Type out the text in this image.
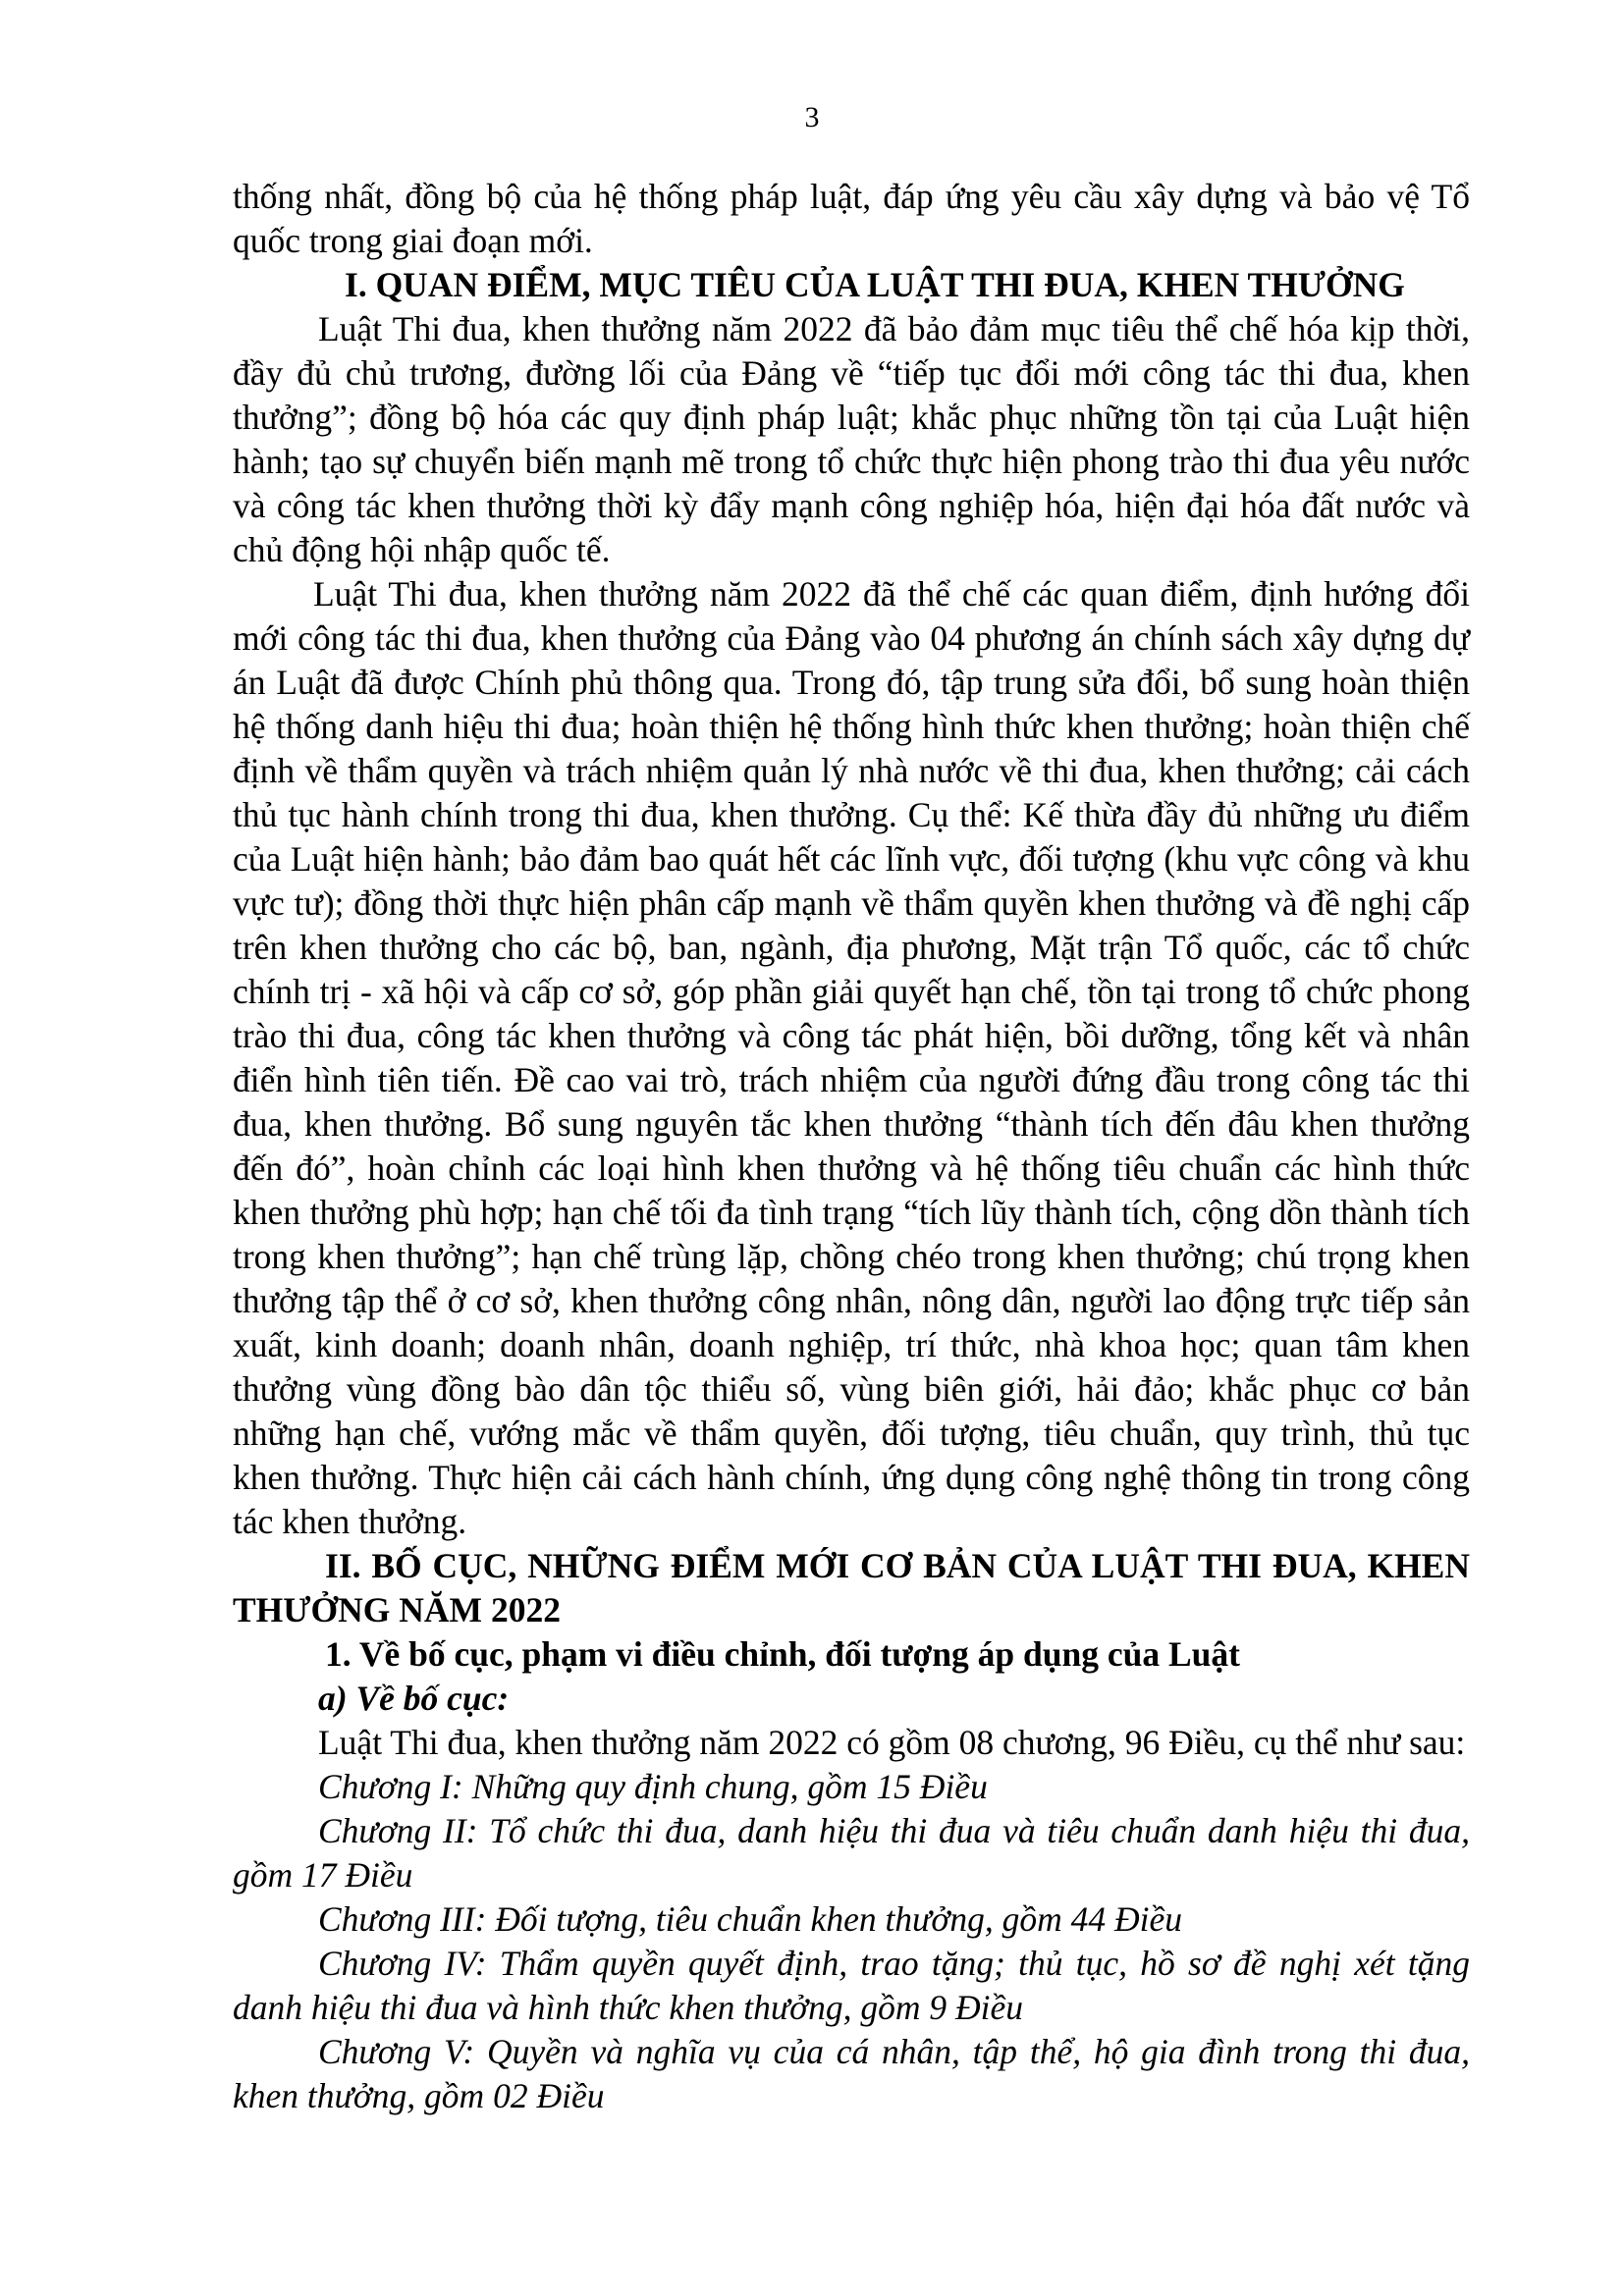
3

thống nhất, đồng bộ của hệ thống pháp luật, đáp ứng yêu cầu xây dựng và bảo vệ Tổ quốc trong giai đoạn mới.

I. QUAN ĐIỂM, MỤC TIÊU CỦA LUẬT THI ĐUA, KHEN THƯỞNG

Luật Thi đua, khen thưởng năm 2022 đã bảo đảm mục tiêu thể chế hóa kịp thời, đầy đủ chủ trương, đường lối của Đảng về “tiếp tục đổi mới công tác thi đua, khen thưởng”; đồng bộ hóa các quy định pháp luật; khắc phục những tồn tại của Luật hiện hành; tạo sự chuyển biến mạnh mẽ trong tổ chức thực hiện phong trào thi đua yêu nước và công tác khen thưởng thời kỳ đẩy mạnh công nghiệp hóa, hiện đại hóa đất nước và chủ động hội nhập quốc tế.

Luật Thi đua, khen thưởng năm 2022 đã thể chế các quan điểm, định hướng đổi mới công tác thi đua, khen thưởng của Đảng vào 04 phương án chính sách xây dựng dự án Luật đã được Chính phủ thông qua. Trong đó, tập trung sửa đổi, bổ sung hoàn thiện hệ thống danh hiệu thi đua; hoàn thiện hệ thống hình thức khen thưởng; hoàn thiện chế định về thẩm quyền và trách nhiệm quản lý nhà nước về thi đua, khen thưởng; cải cách thủ tục hành chính trong thi đua, khen thưởng. Cụ thể: Kế thừa đầy đủ những ưu điểm của Luật hiện hành; bảo đảm bao quát hết các lĩnh vực, đối tượng (khu vực công và khu vực tư); đồng thời thực hiện phân cấp mạnh về thẩm quyền khen thưởng và đề nghị cấp trên khen thưởng cho các bộ, ban, ngành, địa phương, Mặt trận Tổ quốc, các tổ chức chính trị - xã hội và cấp cơ sở, góp phần giải quyết hạn chế, tồn tại trong tổ chức phong trào thi đua, công tác khen thưởng và công tác phát hiện, bồi dưỡng, tổng kết và nhân điển hình tiên tiến. Đề cao vai trò, trách nhiệm của người đứng đầu trong công tác thi đua, khen thưởng. Bổ sung nguyên tắc khen thưởng “thành tích đến đâu khen thưởng đến đó”, hoàn chỉnh các loại hình khen thưởng và hệ thống tiêu chuẩn các hình thức khen thưởng phù hợp; hạn chế tối đa tình trạng “tích lũy thành tích, cộng dồn thành tích trong khen thưởng”; hạn chế trùng lặp, chồng chéo trong khen thưởng; chú trọng khen thưởng tập thể ở cơ sở, khen thưởng công nhân, nông dân, người lao động trực tiếp sản xuất, kinh doanh; doanh nhân, doanh nghiệp, trí thức, nhà khoa học; quan tâm khen thưởng vùng đồng bào dân tộc thiểu số, vùng biên giới, hải đảo; khắc phục cơ bản những hạn chế, vướng mắc về thẩm quyền, đối tượng, tiêu chuẩn, quy trình, thủ tục khen thưởng. Thực hiện cải cách hành chính, ứng dụng công nghệ thông tin trong công tác khen thưởng.

II. BỐ CỤC, NHỮNG ĐIỂM MỚI CƠ BẢN CỦA LUẬT THI ĐUA, KHEN THƯỞNG NĂM 2022

1. Về bố cục, phạm vi điều chỉnh, đối tượng áp dụng của Luật

a) Về bố cục:

Luật Thi đua, khen thưởng năm 2022 có gồm 08 chương, 96 Điều, cụ thể như sau:

Chương I: Những quy định chung, gồm 15 Điều

Chương II: Tổ chức thi đua, danh hiệu thi đua và tiêu chuẩn danh hiệu thi đua, gồm 17 Điều

Chương III: Đối tượng, tiêu chuẩn khen thưởng, gồm 44 Điều

Chương IV: Thẩm quyền quyết định, trao tặng; thủ tục, hồ sơ đề nghị xét tặng danh hiệu thi đua và hình thức khen thưởng, gồm 9 Điều

Chương V: Quyền và nghĩa vụ của cá nhân, tập thể, hộ gia đình trong thi đua, khen thưởng, gồm 02 Điều
